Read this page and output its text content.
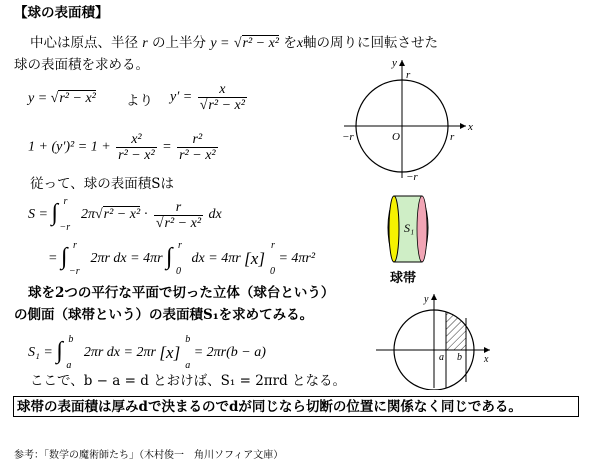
【球の表面積】
中心は原点、半径 r の上半分 y = √ r² − x² をx軸の周りに回転させた
球の表面積を求める。
y = √ r² − x² より y′ = x
√ r² − x²
$1 + (y')^2 = 1 + \frac{\text{x²}}{\text{r² − x²}} = \frac{\text{r²}}{\text{r² − x²}}$
従って、球の表面積Sは
S = ∫ r
−r
2π √ r² − x² · r
√ r² − x² dx
= ∫ r
−r
2πr dx = 4πr ∫ r
0
dx = 4πr [x]
r
0
= 4πr²
球を2つの平行な平面で切った立体（球台という）
の側面（球帯という）の表面積S₁を求めてみる。
S₁ = ∫ b
a
2πr dx = 2πr [x]
b
a
= 2πr(b − a)
ここで、b − a = d とおけば、S₁ = 2πrd となる。
球帯の表面積は厚みdで決まるのでdが同じなら切断の位置に関係なく同じである。
参考：「数学の魔術師たち」（木村俊一　角川ソフィア文庫）
y
r
x
−r	O	r
−r
S₁
球帯
y
x
a b
